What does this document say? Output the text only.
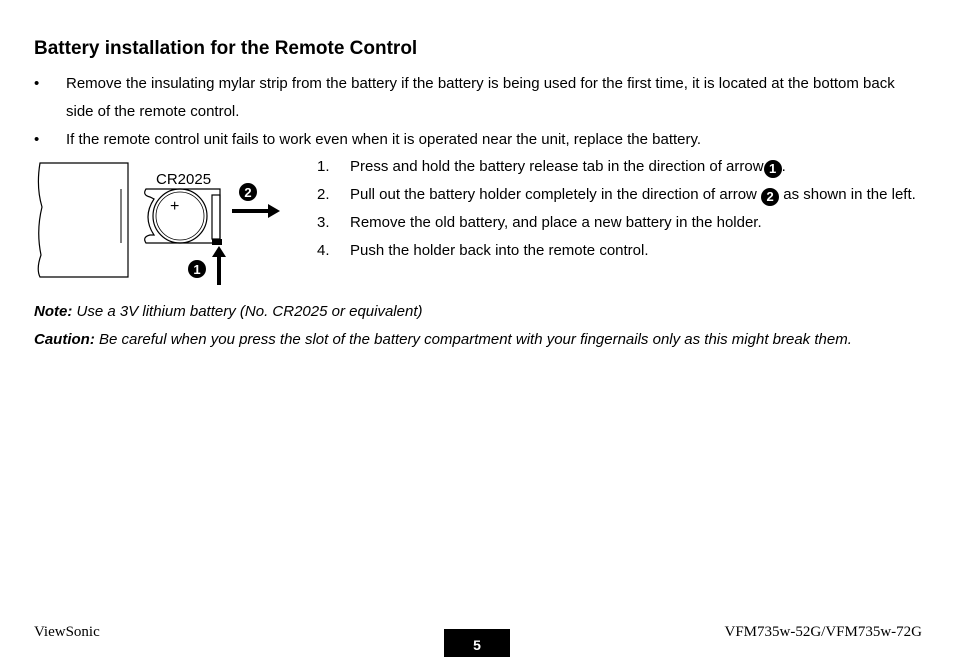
Battery installation for the Remote Control
• Remove the insulating mylar strip from the battery if the battery is being used for the first time, it is located at the bottom back side of the remote control.
• If the remote control unit fails to work even when it is operated near the unit, replace the battery.
+
CR2025
2
1
1. Press and hold the battery release tab in the direction of arrow 1 .
2. Pull out the battery holder completely in the direction of arrow 2 as shown in the left.
3. Remove the old battery, and place a new battery in the holder.
4. Push the holder back into the remote control.
Note: Use a 3V lithium battery (No. CR2025 or equivalent)
Caution: Be careful when you press the slot of the battery compartment with your fingernails only as this might break them.
ViewSonic
5
VFM735w-52G/VFM735w-72G
